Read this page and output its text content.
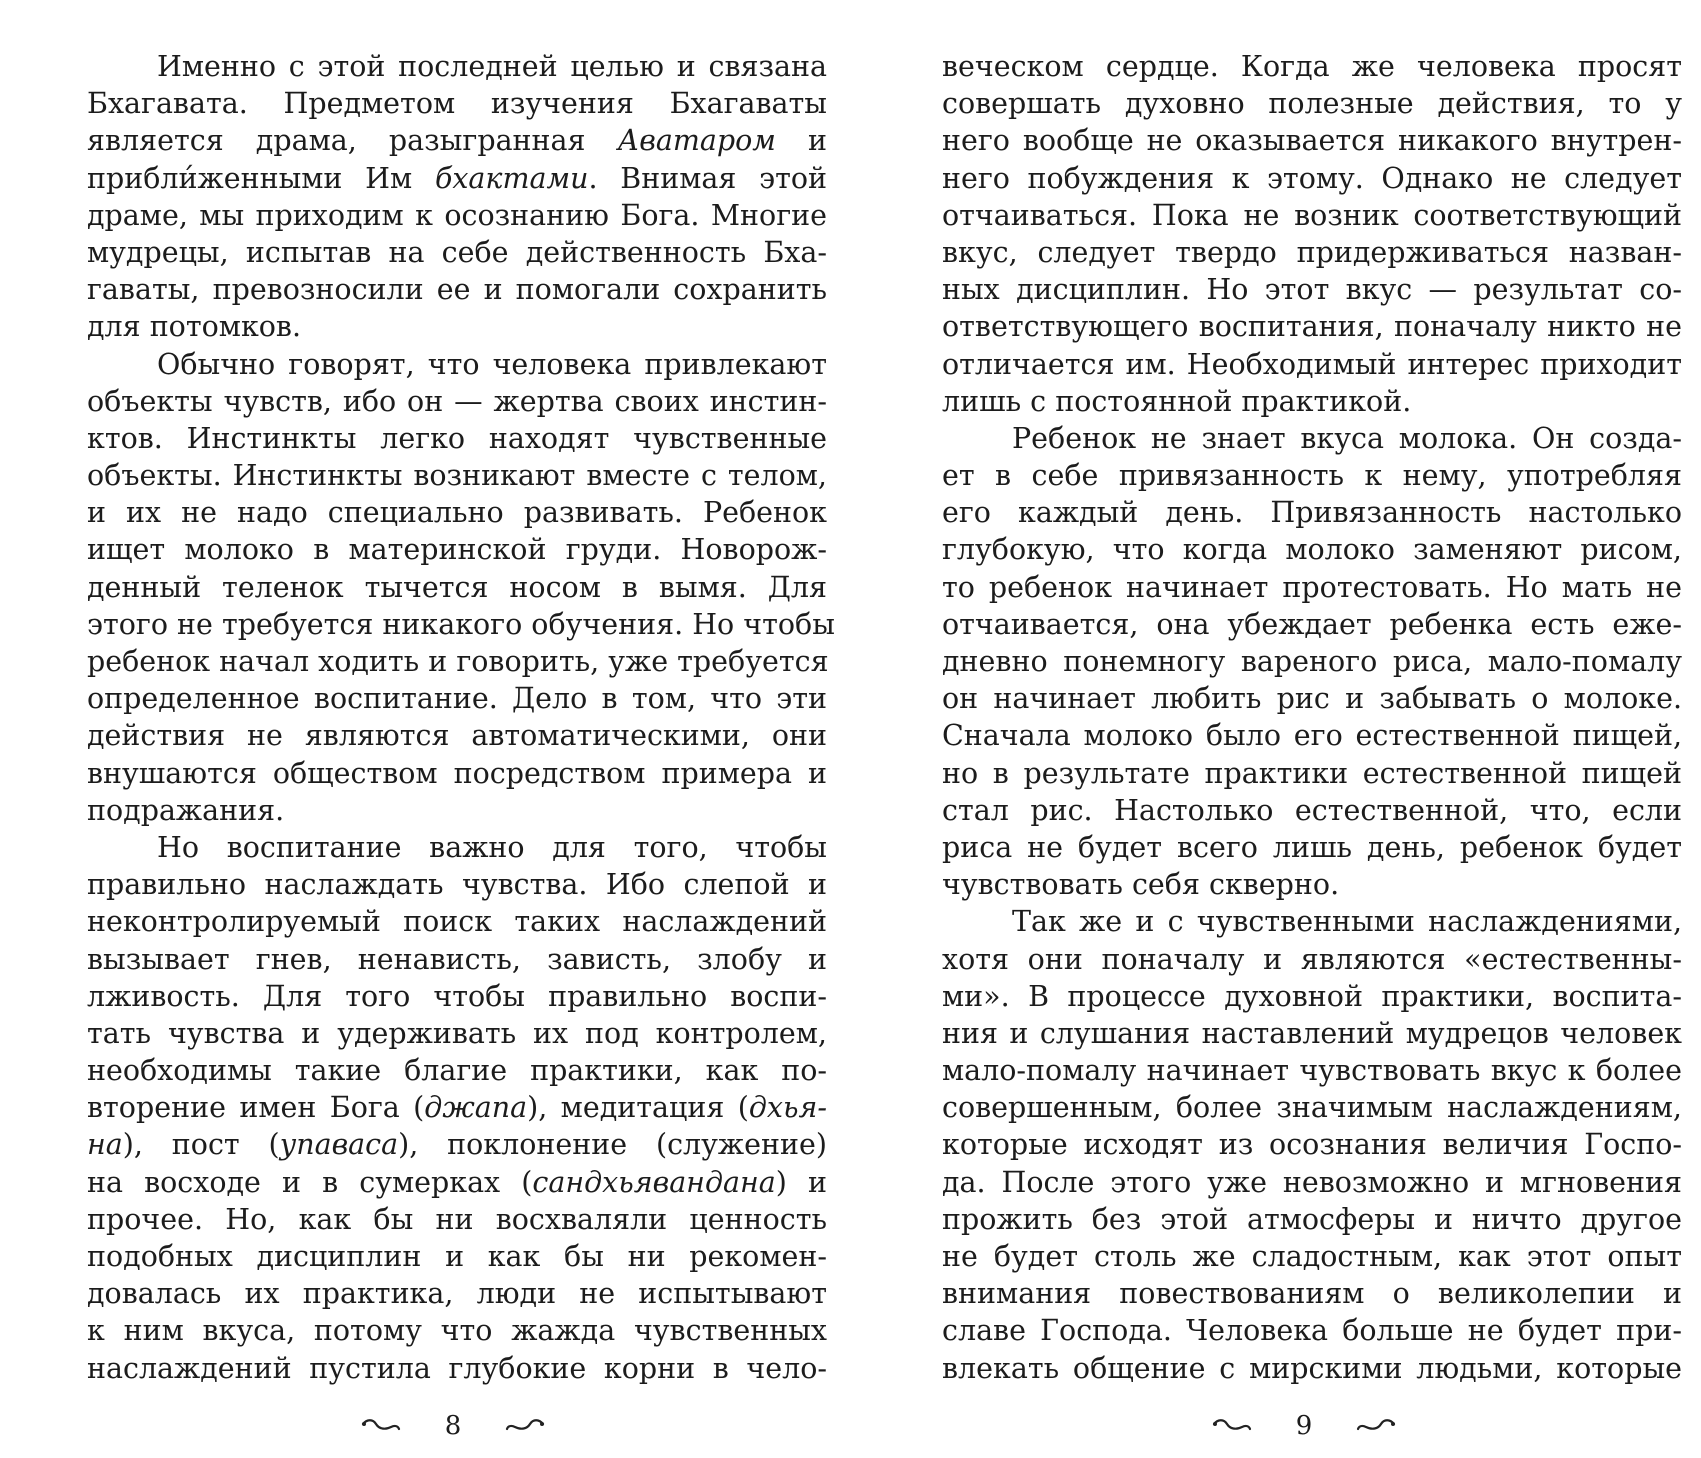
Именно с этой последней целью и связана
Бхагавата. Предметом изучения Бхагаваты
является драма, разыгранная Аватаром и
прибли́женными Им бхактами. Внимая этой
драме, мы приходим к осознанию Бога. Многие
мудрецы, испытав на себе действенность Бха-
гаваты, превозносили ее и помогали сохранить
для потомков.
Обычно говорят, что человека привлекают
объекты чувств, ибо он — жертва своих инстин-
ктов. Инстинкты легко находят чувственные
объекты. Инстинкты возникают вместе с телом,
и их не надо специально развивать. Ребенок
ищет молоко в материнской груди. Новорож-
денный теленок тычется носом в вымя. Для
этого не требуется никакого обучения. Но чтобы
ребенок начал ходить и говорить, уже требуется
определенное воспитание. Дело в том, что эти
действия не являются автоматическими, они
внушаются обществом посредством примера и
подражания.
Но воспитание важно для того, чтобы
правильно наслаждать чувства. Ибо слепой и
неконтролируемый поиск таких наслаждений
вызывает гнев, ненависть, зависть, злобу и
лживость. Для того чтобы правильно воспи-
тать чувства и удерживать их под контролем,
необходимы такие благие практики, как по-
вторение имен Бога (джапа), медитация (дхья-
на), пост (упаваса), поклонение (служение)
на восходе и в сумерках (сандхьявандана) и
прочее. Но, как бы ни восхваляли ценность
подобных дисциплин и как бы ни рекомен-
довалась их практика, люди не испытывают
к ним вкуса, потому что жажда чувственных
наслаждений пустила глубокие корни в чело-
8
веческом сердце. Когда же человека просят
совершать духовно полезные действия, то у
него вообще не оказывается никакого внутрен-
него побуждения к этому. Однако не следует
отчаиваться. Пока не возник соответствующий
вкус, следует твердо придерживаться назван-
ных дисциплин. Но этот вкус — результат со-
ответствующего воспитания, поначалу никто не
отличается им. Необходимый интерес приходит
лишь с постоянной практикой.
Ребенок не знает вкуса молока. Он созда-
ет в себе привязанность к нему, употребляя
его каждый день. Привязанность настолько
глубокую, что когда молоко заменяют рисом,
то ребенок начинает протестовать. Но мать не
отчаивается, она убеждает ребенка есть еже-
дневно понемногу вареного риса, мало-помалу
он начинает любить рис и забывать о молоке.
Сначала молоко было его естественной пищей,
но в результате практики естественной пищей
стал рис. Настолько естественной, что, если
риса не будет всего лишь день, ребенок будет
чувствовать себя скверно.
Так же и с чувственными наслаждениями,
хотя они поначалу и являются «естественны-
ми». В процессе духовной практики, воспита-
ния и слушания наставлений мудрецов человек
мало-помалу начинает чувствовать вкус к более
совершенным, более значимым наслаждениям,
которые исходят из осознания величия Госпо-
да. После этого уже невозможно и мгновения
прожить без этой атмосферы и ничто другое
не будет столь же сладостным, как этот опыт
внимания повествованиям о великолепии и
славе Господа. Человека больше не будет при-
влекать общение с мирскими людьми, которые
9
